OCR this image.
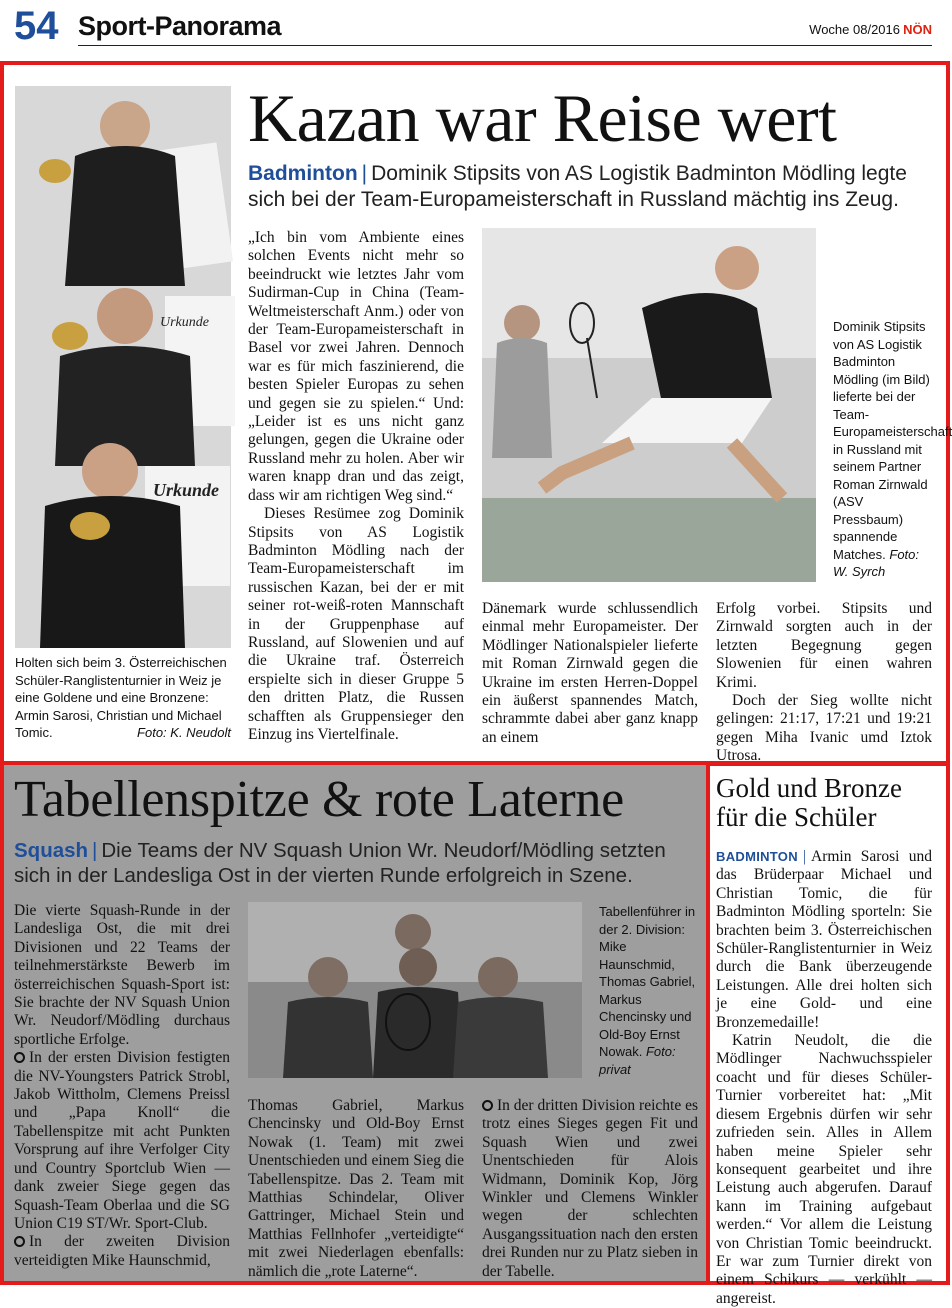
54 Sport-Panorama	Woche 08/2016 NÖN
Urkunde
Urkunde
Holten sich beim 3. Österreichischen Schüler-Ranglistenturnier in Weiz je eine Goldene und eine Bronzene: Armin Sarosi, Christian und Michael Tomic.	Foto: K. Neudolt
Kazan war Reise wert
Badminton | Dominik Stipsits von AS Logistik Badminton Mödling legte sich bei der Team-Europameisterschaft in Russland mächtig ins Zeug.

„Ich bin vom Ambiente eines solchen Events nicht mehr so beeindruckt wie letztes Jahr vom Sudirman-Cup in China (Team-Weltmeisterschaft Anm.) oder von der Team-Europameisterschaft in Basel vor zwei Jahren. Dennoch war es für mich faszinierend, die besten Spieler Europas zu sehen und gegen sie zu spielen.“ Und: „Leider ist es uns nicht ganz gelungen, gegen die Ukraine oder Russland mehr zu holen. Aber wir waren knapp dran und das zeigt, dass wir am richtigen Weg sind.“

Dieses Resümee zog Dominik Stipsits von AS Logistik Badminton Mödling nach der Team-Europameisterschaft im russischen Kazan, bei der er mit seiner rot-weiß-roten Mannschaft in der Gruppenphase auf Russland, auf Slowenien und auf die Ukraine traf. Österreich erspielte sich in dieser Gruppe 5 den dritten Platz, die Russen schafften als Gruppensieger den Einzug ins Viertelfinale.

Dominik Stipsits von AS Logistik Badminton Mödling (im Bild) lieferte bei der Team-Europameisterschaft in Russland mit seinem Partner Roman Zirnwald (ASV Pressbaum) spannende Matches. Foto: W. Syrch

Dänemark wurde schlussendlich einmal mehr Europameister. Der Mödlinger Nationalspieler lieferte mit Roman Zirnwald gegen die Ukraine im ersten Herren-Doppel ein äußerst spannendes Match, schrammte dabei aber ganz knapp an einem

Erfolg vorbei. Stipsits und Zirnwald sorgten auch in der letzten Begegnung gegen Slowenien für einen wahren Krimi.

Doch der Sieg wollte nicht gelingen: 21:17, 17:21 und 19:21 gegen Miha Ivanic umd Iztok Utrosa.

Tabellenspitze & rote Laterne
Squash | Die Teams der NV Squash Union Wr. Neudorf/Mödling setzten sich in der Landesliga Ost in der vierten Runde erfolgreich in Szene.

Die vierte Squash-Runde in der Landesliga Ost, die mit drei Divisionen und 22 Teams der teilnehmerstärkste Bewerb im österreichischen Squash-Sport ist: Sie brachte der NV Squash Union Wr. Neudorf/Mödling durchaus sportliche Erfolge.

In der ersten Division festigten die NV-Youngsters Patrick Strobl, Jakob Wittholm, Clemens Preissl und „Papa Knoll“ die Tabellenspitze mit acht Punkten Vorsprung auf ihre Verfolger City und Country Sportclub Wien — dank zweier Siege gegen das Squash-Team Oberlaa und die SG Union C19 ST/Wr. Sport-Club.

In der zweiten Division verteidigten Mike Haunschmid,

Tabellenführer in der 2. Division: Mike Haunschmid, Thomas Gabriel, Markus Chencinsky und Old-Boy Ernst Nowak. Foto: privat

Thomas Gabriel, Markus Chencinsky und Old-Boy Ernst Nowak (1. Team) mit zwei Unentschieden und einem Sieg die Tabellenspitze. Das 2. Team mit Matthias Schindelar, Oliver Gattringer, Michael Stein und Matthias Fellnhofer „verteidigte“ mit zwei Niederlagen ebenfalls: nämlich die „rote Laterne“.

In der dritten Division reichte es trotz eines Sieges gegen Fit und Squash Wien und zwei Unentschieden für Alois Widmann, Dominik Kop, Jörg Winkler und Clemens Winkler wegen der schlechten Ausgangssituation nach den ersten drei Runden nur zu Platz sieben in der Tabelle.

Gold und Bronze
für die Schüler

BADMINTON | Armin Sarosi und das Brüderpaar Michael und Christian Tomic, die für Badminton Mödling sporteln: Sie brachten beim 3. Österreichischen Schüler-Ranglistenturnier in Weiz durch die Bank überzeugende Leistungen. Alle drei holten sich je eine Gold- und eine Bronzemedaille!

Katrin Neudolt, die die Mödlinger Nachwuchsspieler coacht und für dieses Schüler-Turnier vorbereitet hat: „Mit diesem Ergebnis dürfen wir sehr zufrieden sein. Alles in Allem haben meine Spieler sehr konsequent gearbeitet und ihre Leistung auch abgerufen. Darauf kann im Training aufgebaut werden.“ Vor allem die Leistung von Christian Tomic beeindruckt. Er war zum Turnier direkt von einem Schikurs — verkühlt — angereist.
